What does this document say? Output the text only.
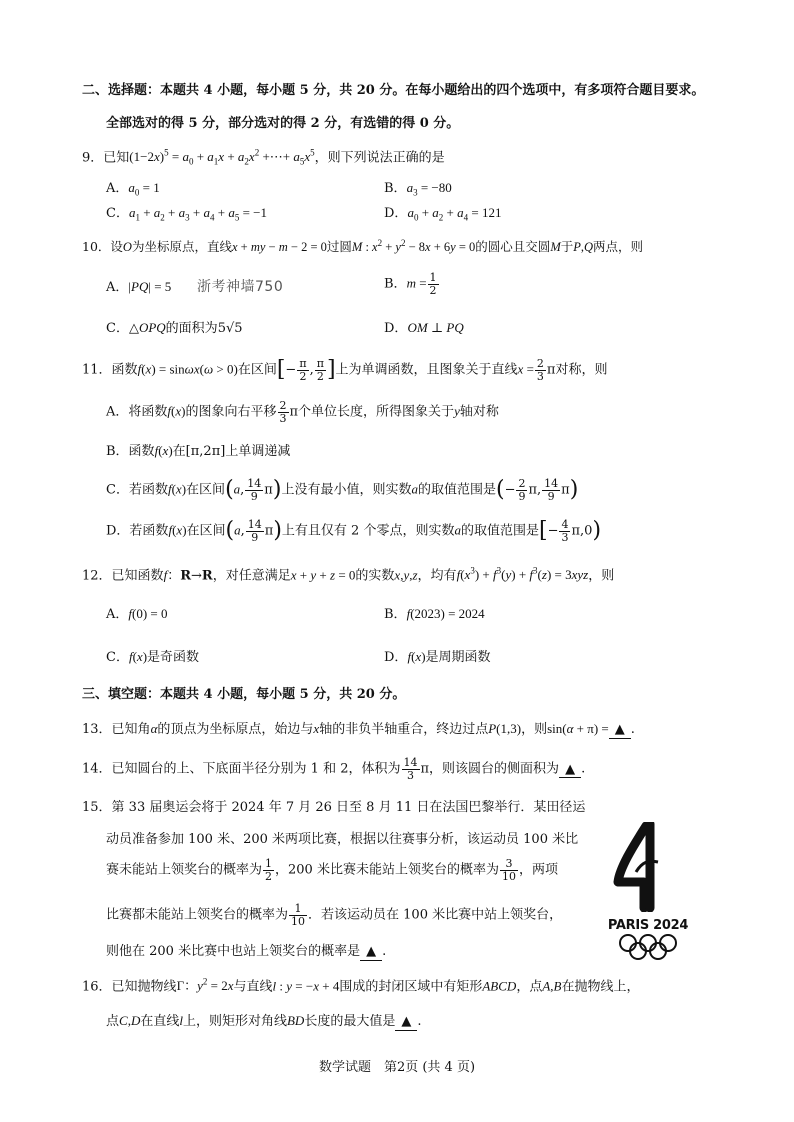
二、选择题：本题共 4 小题，每小题 5 分，共 20 分。在每小题给出的四个选项中，有多项符合题目要求。
全部选对的得 5 分，部分选对的得 2 分，有选错的得 0 分。
9．已知$(1-2x)^5 = a_0 + a_1x + a_2x^2$ +⋯+ $a_5x^5$，则下列说法正确的是
A．$a_0 = 1$	B．$a_3 = -80$
C．$a_1 + a_2 + a_3 + a_4 + a_5 = -1$	D．$a_0 + a_2 + a_4 = 121$
10．设O为坐标原点，直线x + my − m − 2 = 0过圆M : $x^2 + y^2 - 8x + 6y = 0$的圆心且交圆M于P,Q两点，则
A．|PQ| = 5 浙考神墙750	B．$m = \frac{1}{2}$
C．△OPQ的面积为5√5	D．OM ⊥ PQ
11．函数f(x) = sinωx(ω > 0)在区间[− $\frac{\pi}{2}$ , $\frac{\pi}{2}$ ]上为单调函数，且图象关于直线$x = \frac{2}{3}$ π对称，则
A．将函数f(x)的图象向右平移 $\frac{2}{3}$ π个单位长度，所得图象关于y轴对称
B．函数f(x)在[π,2π]上单调递减
C．若函数f(x)在区间(a, $\frac{14}{9} \pi$)上没有最小值，则实数a的取值范围是(− $\frac{2}{9} \pi$, $\frac{14}{9} \pi$)
D．若函数f(x)在区间(a, $\frac{14}{9} \pi$)上有且仅有 2 个零点，则实数a的取值范围是[− $\frac{4}{3} \pi,0$)
12．已知函数f：R→R，对任意满足x + y + z = 0的实数x,y,z，均有$f(x^3) + f^3(y) + f^3(z) = 3xyz$，则
A．f(0) = 0	B．f(2023) = 2024
C．f(x)是奇函数	D．f(x)是周期函数
三、填空题：本题共 4 小题，每小题 5 分，共 20 分。
13．已知角α的顶点为坐标原点，始边与x轴的非负半轴重合，终边过点P(1,3)，则sin(α + π) = ▲ .
14．已知圆台的上、下底面半径分别为 1 和 2，体积为 $\frac{14}{3}$ π，则该圆台的侧面积为 ▲ .
15．第 33 届奥运会将于 2024 年 7 月 26 日至 8 月 11 日在法国巴黎举行．某田径运
动员准备参加 100 米、200 米两项比赛，根据以往赛事分析，该运动员 100 米比
赛未能站上领奖台的概率为 $\frac{1}{2}$ ，200 米比赛未能站上领奖台的概率为 $\frac{3}{10}$ ，两项
比赛都未能站上领奖台的概率为 $\frac{1}{10}$ ．若该运动员在 100 米比赛中站上领奖台，
则他在 200 米比赛中也站上领奖台的概率是 ▲ .
PARIS 2024
16．已知抛物线Γ：$y^2 = 2x$与直线l : y = −x + 4围成的封闭区域中有矩形ABCD，点A,B在抛物线上，
点C,D在直线l上，则矩形对角线BD长度的最大值是 ▲ .
数学试题　第2页 (共 4 页)
